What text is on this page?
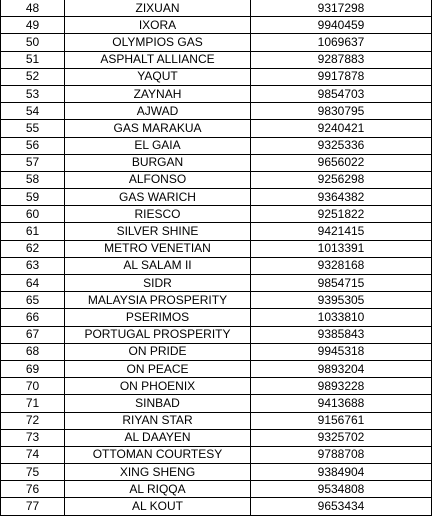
48	ZIXUAN	9317298
49	IXORA	9940459
50	OLYMPIOS GAS	1069637
51	ASPHALT ALLIANCE	9287883
52	YAQUT	9917878
53	ZAYNAH	9854703
54	AJWAD	9830795
55	GAS MARAKUA	9240421
56	EL GAIA	9325336
57	BURGAN	9656022
58	ALFONSO	9256298
59	GAS WARICH	9364382
60	RIESCO	9251822
61	SILVER SHINE	9421415
62	METRO VENETIAN	1013391
63	AL SALAM II	9328168
64	SIDR	9854715
65	MALAYSIA PROSPERITY	9395305
66	PSERIMOS	1033810
67	PORTUGAL PROSPERITY	9385843
68	ON PRIDE	9945318
69	ON PEACE	9893204
70	ON PHOENIX	9893228
71	SINBAD	9413688
72	RIYAN STAR	9156761
73	AL DAAYEN	9325702
74	OTTOMAN COURTESY	9788708
75	XING SHENG	9384904
76	AL RIQQA	9534808
77	AL KOUT	9653434
